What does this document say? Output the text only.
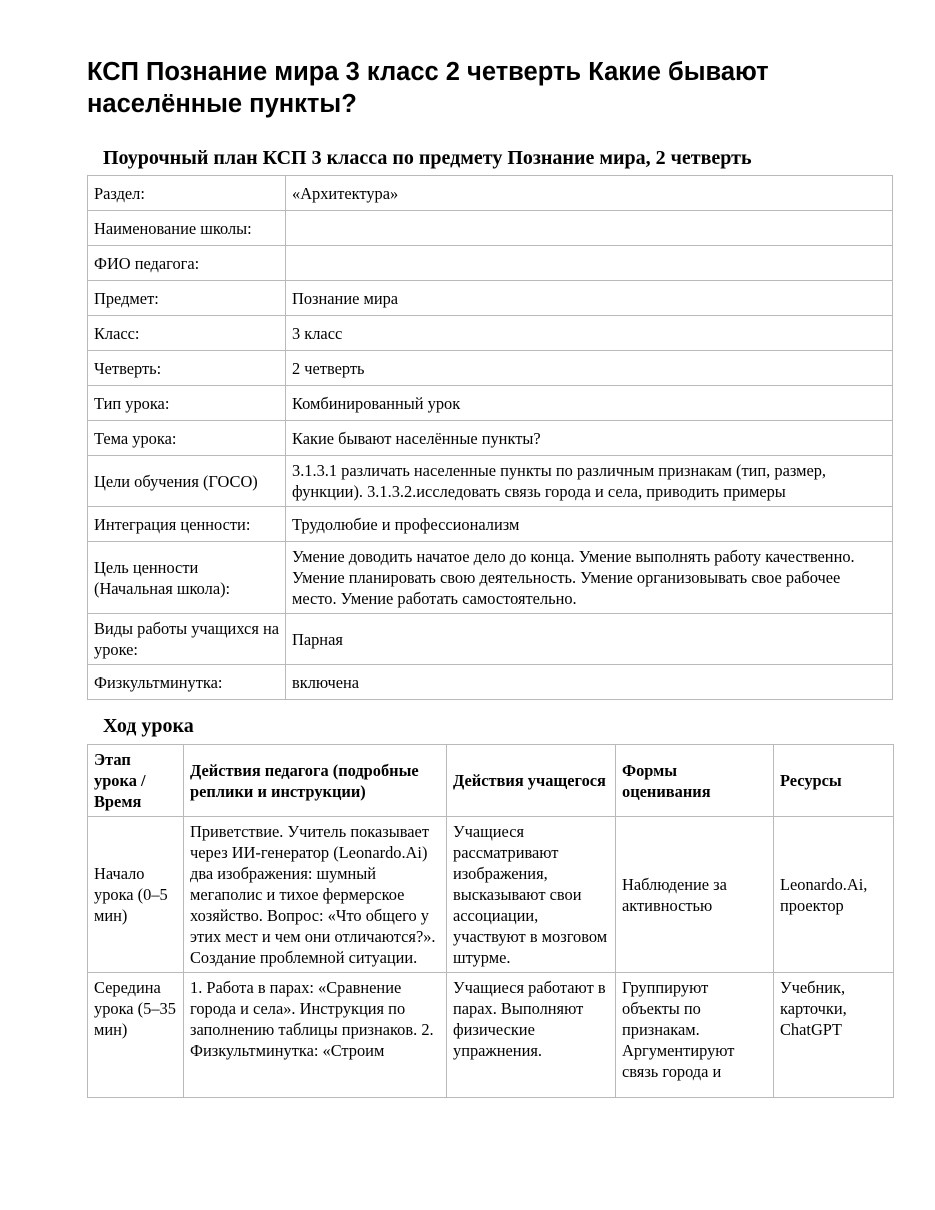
КСП Познание мира 3 класс 2 четверть Какие бывают населённые пункты?
Поурочный план КСП 3 класса по предмету Познание мира, 2 четверть
Раздел:	«Архитектура»
Наименование школы:	
ФИО педагога:	
Предмет:	Познание мира
Класс:	3 класс
Четверть:	2 четверть
Тип урока:	Комбинированный урок
Тема урока:	Какие бывают населённые пункты?
Цели обучения (ГОСО)	3.1.3.1 различать населенные пункты по различным признакам (тип, размер, функции). 3.1.3.2.исследовать связь города и села, приводить примеры
Интеграция ценности:	Трудолюбие и профессионализм
Цель ценности (Начальная школа):	Умение доводить начатое дело до конца. Умение выполнять работу качественно. Умение планировать свою деятельность. Умение организовывать свое рабочее место. Умение работать самостоятельно.
Виды работы учащихся на уроке:	Парная
Физкультминутка:	включена
Ход урока
Этап урока / Время	Действия педагога (подробные реплики и инструкции)	Действия учащегося	Формы оценивания	Ресурсы
Начало урока (0–5 мин)	Приветствие. Учитель показывает через ИИ-генератор (Leonardo.Ai) два изображения: шумный мегаполис и тихое фермерское хозяйство. Вопрос: «Что общего у этих мест и чем они отличаются?». Создание проблемной ситуации.	Учащиеся рассматривают изображения, высказывают свои ассоциации, участвуют в мозговом штурме.	Наблюдение за активностью	Leonardo.Ai, проектор

Середина урока (5–35 мин)	1. Работа в парах: «Сравнение города и села». Инструкция по заполнению таблицы признаков. 2. Физкультминутка: «Строим	Учащиеся работают в парах. Выполняют физические упражнения.	Группируют объекты по признакам. Аргументируют связь города и	Учебник, карточки, ChatGPT
